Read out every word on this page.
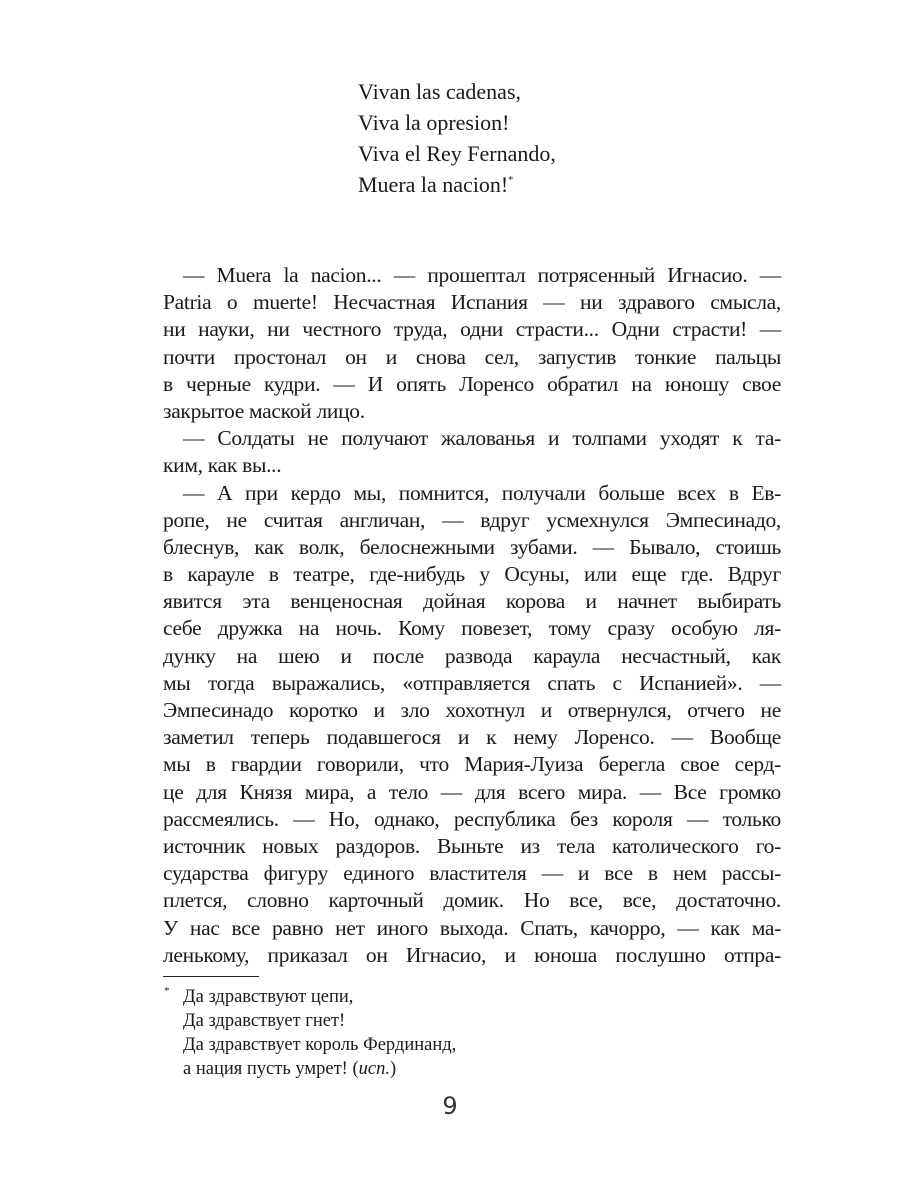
Vivan las cadenas,
Viva la opresion!
Viva el Rey Fernando,
Muera la nacion!*
— Muera la nacion... — прошептал потрясенный Игнасио. —
Patria o muerte! Несчастная Испания — ни здравого смысла,
ни науки, ни честного труда, одни страсти... Одни страсти! —
почти простонал он и снова сел, запустив тонкие пальцы
в черные кудри. — И опять Лоренсо обратил на юношу свое
закрытое маской лицо.
— Солдаты не получают жалованья и толпами уходят к та-
ким, как вы...
— А при кердо мы, помнится, получали больше всех в Ев-
ропе, не считая англичан, — вдруг усмехнулся Эмпесинадо,
блеснув, как волк, белоснежными зубами. — Бывало, стоишь
в карауле в театре, где-нибудь у Осуны, или еще где. Вдруг
явится эта венценосная дойная корова и начнет выбирать
себе дружка на ночь. Кому повезет, тому сразу особую ля-
дунку на шею и после развода караула несчастный, как
мы тогда выражались, «отправляется спать с Испанией». —
Эмпесинадо коротко и зло хохотнул и отвернулся, отчего не
заметил теперь подавшегося и к нему Лоренсо. — Вообще
мы в гвардии говорили, что Мария-Луиза берегла свое серд-
це для Князя мира, а тело — для всего мира. — Все громко
рассмеялись. — Но, однако, республика без короля — только
источник новых раздоров. Выньте из тела католического го-
сударства фигуру единого властителя — и все в нем рассы-
плется, словно карточный домик. Но все, все, достаточно.
У нас все равно нет иного выхода. Спать, качорро, — как ма-
ленькому, приказал он Игнасио, и юноша послушно отпра-
* Да здравствуют цепи,
Да здравствует гнет!
Да здравствует король Фердинанд,
а нация пусть умрет! (исп.)
9
